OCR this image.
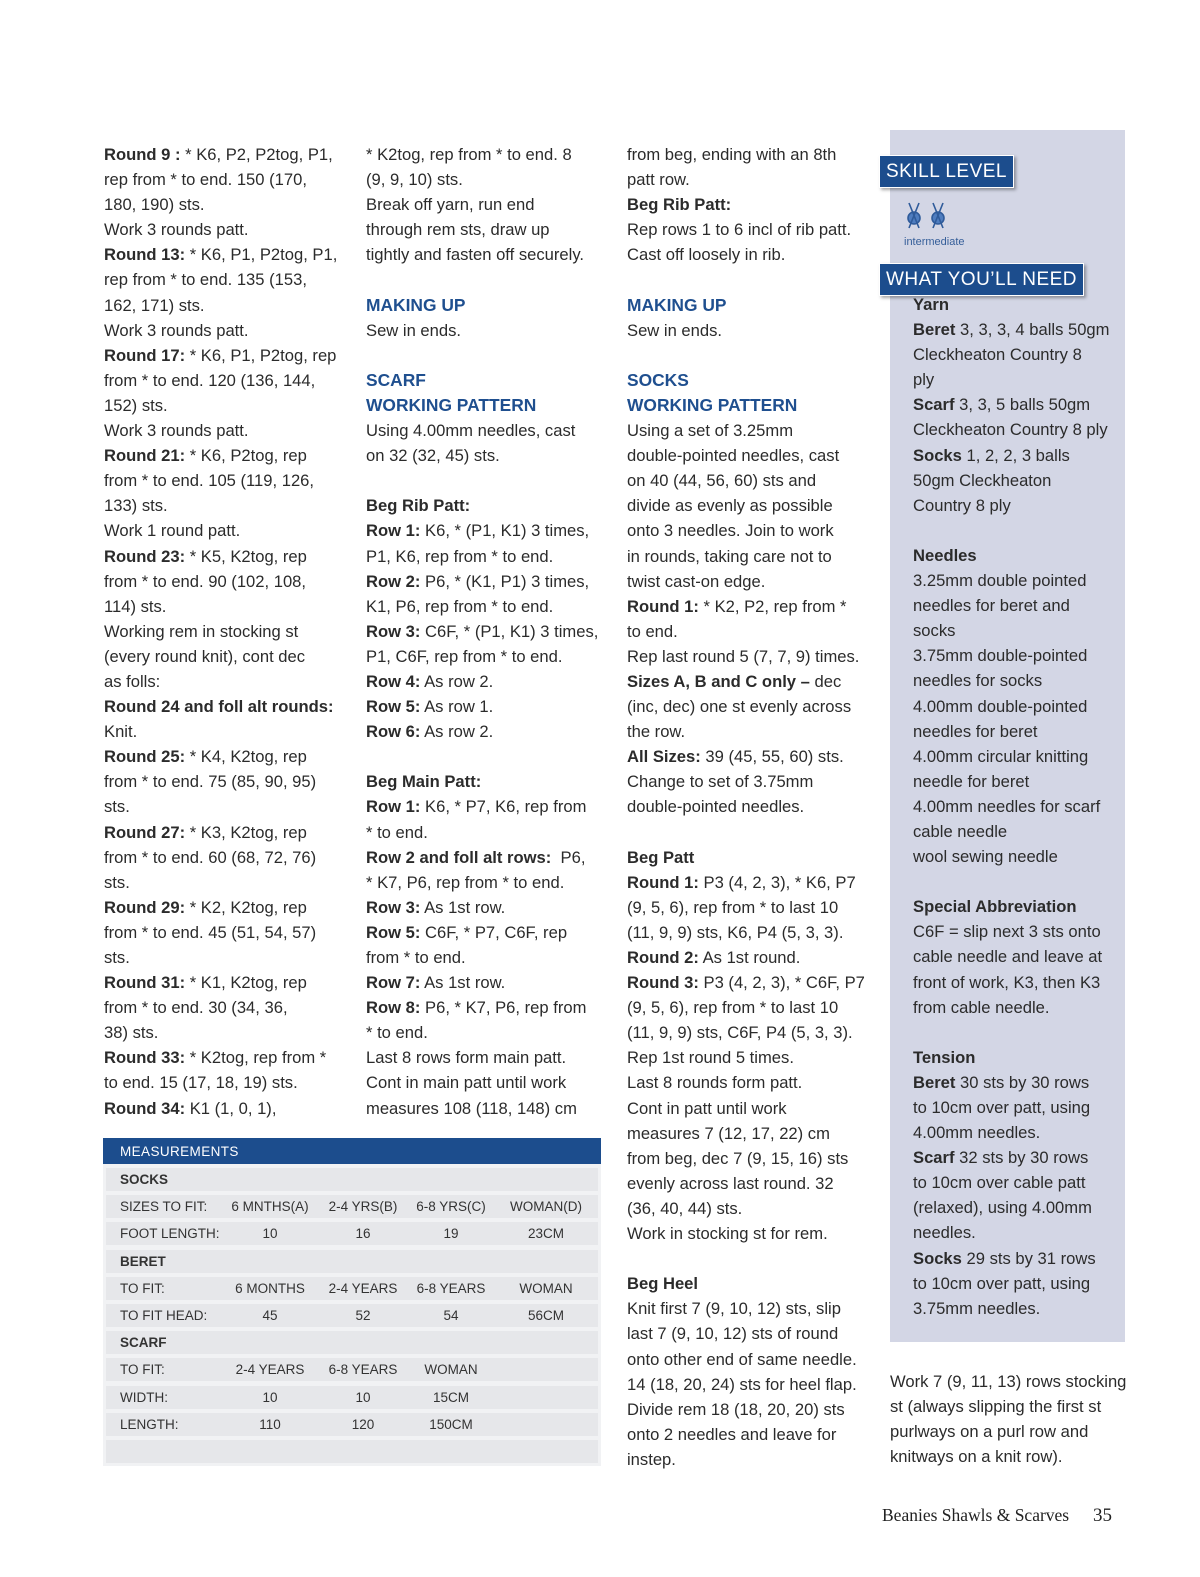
Round 9 : * K6, P2, P2tog, P1,
rep from * to end. 150 (170,
180, 190) sts.
Work 3 rounds patt.
Round 13: * K6, P1, P2tog, P1,
rep from * to end. 135 (153,
162, 171) sts.
Work 3 rounds patt.
Round 17: * K6, P1, P2tog, rep
from * to end. 120 (136, 144,
152) sts.
Work 3 rounds patt.
Round 21: * K6, P2tog, rep
from * to end. 105 (119, 126,
133) sts.
Work 1 round patt.
Round 23: * K5, K2tog, rep
from * to end. 90 (102, 108,
114) sts.
Working rem in stocking st
(every round knit), cont dec
as folls:
Round 24 and foll alt rounds:
Knit.
Round 25: * K4, K2tog, rep
from * to end. 75 (85, 90, 95)
sts.
Round 27: * K3, K2tog, rep
from * to end. 60 (68, 72, 76)
sts.
Round 29: * K2, K2tog, rep
from * to end. 45 (51, 54, 57)
sts.
Round 31: * K1, K2tog, rep
from * to end. 30 (34, 36,
38) sts.
Round 33: * K2tog, rep from *
to end. 15 (17, 18, 19) sts.
Round 34: K1 (1, 0, 1),
* K2tog, rep from * to end. 8
(9, 9, 10) sts.
Break off yarn, run end
through rem sts, draw up
tightly and fasten off securely.
MAKING UP
Sew in ends.
SCARF
WORKING PATTERN
Using 4.00mm needles, cast
on 32 (32, 45) sts.
Beg Rib Patt:
Row 1: K6, * (P1, K1) 3 times,
P1, K6, rep from * to end.
Row 2: P6, * (K1, P1) 3 times,
K1, P6, rep from * to end.
Row 3: C6F, * (P1, K1) 3 times,
P1, C6F, rep from * to end.
Row 4: As row 2.
Row 5: As row 1.
Row 6: As row 2.
Beg Main Patt:
Row 1: K6, * P7, K6, rep from
* to end.
Row 2 and foll alt rows:  P6,
* K7, P6, rep from * to end.
Row 3: As 1st row.
Row 5: C6F, * P7, C6F, rep
from * to end.
Row 7: As 1st row.
Row 8: P6, * K7, P6, rep from
* to end.
Last 8 rows form main patt.
Cont in main patt until work
measures 108 (118, 148) cm
from beg, ending with an 8th
patt row.
Beg Rib Patt:
Rep rows 1 to 6 incl of rib patt.
Cast off loosely in rib.
MAKING UP
Sew in ends.
SOCKS
WORKING PATTERN
Using a set of 3.25mm
double-pointed needles, cast
on 40 (44, 56, 60) sts and
divide as evenly as possible
onto 3 needles. Join to work
in rounds, taking care not to
twist cast-on edge.
Round 1: * K2, P2, rep from *
to end.
Rep last round 5 (7, 7, 9) times.
Sizes A, B and C only – dec
(inc, dec) one st evenly across
the row.
All Sizes: 39 (45, 55, 60) sts.
Change to set of 3.75mm
double-pointed needles.
Beg Patt
Round 1: P3 (4, 2, 3), * K6, P7
(9, 5, 6), rep from * to last 10
(11, 9, 9) sts, K6, P4 (5, 3, 3).
Round 2: As 1st round.
Round 3: P3 (4, 2, 3), * C6F, P7
(9, 5, 6), rep from * to last 10
(11, 9, 9) sts, C6F, P4 (5, 3, 3).
Rep 1st round 5 times.
Last 8 rounds form patt.
Cont in patt until work
measures 7 (12, 17, 22) cm
from beg, dec 7 (9, 15, 16) sts
evenly across last round. 32
(36, 40, 44) sts.
Work in stocking st for rem.
Beg Heel
Knit first 7 (9, 10, 12) sts, slip
last 7 (9, 10, 12) sts of round
onto other end of same needle.
14 (18, 20, 24) sts for heel flap.
Divide rem 18 (18, 20, 20) sts
onto 2 needles and leave for
instep.
SKILL LEVEL
intermediate
WHAT YOU’LL NEED
Yarn
Beret 3, 3, 3, 4 balls 50gm
Cleckheaton Country 8
ply
Scarf 3, 3, 5 balls 50gm
Cleckheaton Country 8 ply
Socks 1, 2, 2, 3 balls
50gm Cleckheaton
Country 8 ply
Needles
3.25mm double pointed
needles for beret and
socks
3.75mm double-pointed
needles for socks
4.00mm double-pointed
needles for beret
4.00mm circular knitting
needle for beret
4.00mm needles for scarf
cable needle
wool sewing needle
Special Abbreviation
C6F = slip next 3 sts onto
cable needle and leave at
front of work, K3, then K3
from cable needle.
Tension
Beret 30 sts by 30 rows
to 10cm over patt, using
4.00mm needles.
Scarf 32 sts by 30 rows
to 10cm over cable patt
(relaxed), using 4.00mm
needles.
Socks 29 sts by 31 rows
to 10cm over patt, using
3.75mm needles.
Work 7 (9, 11, 13) rows stocking
st (always slipping the first st
purlways on a purl row and
knitways on a knit row).
MEASUREMENTS
SOCKS
SIZES TO FIT:	6 MNTHS(A)	2-4 YRS(B)	6-8 YRS(C)	WOMAN(D)
FOOT LENGTH:	10	16	19	23CM
BERET
TO FIT:	6 MONTHS	2-4 YEARS	6-8 YEARS	WOMAN
TO FIT HEAD:	45	52	54	56CM
SCARF
TO FIT:	2-4 YEARS	6-8 YEARS	WOMAN
WIDTH:	10	10	15CM
LENGTH:	110	120	150CM
Beanies Shawls & Scarves 35
